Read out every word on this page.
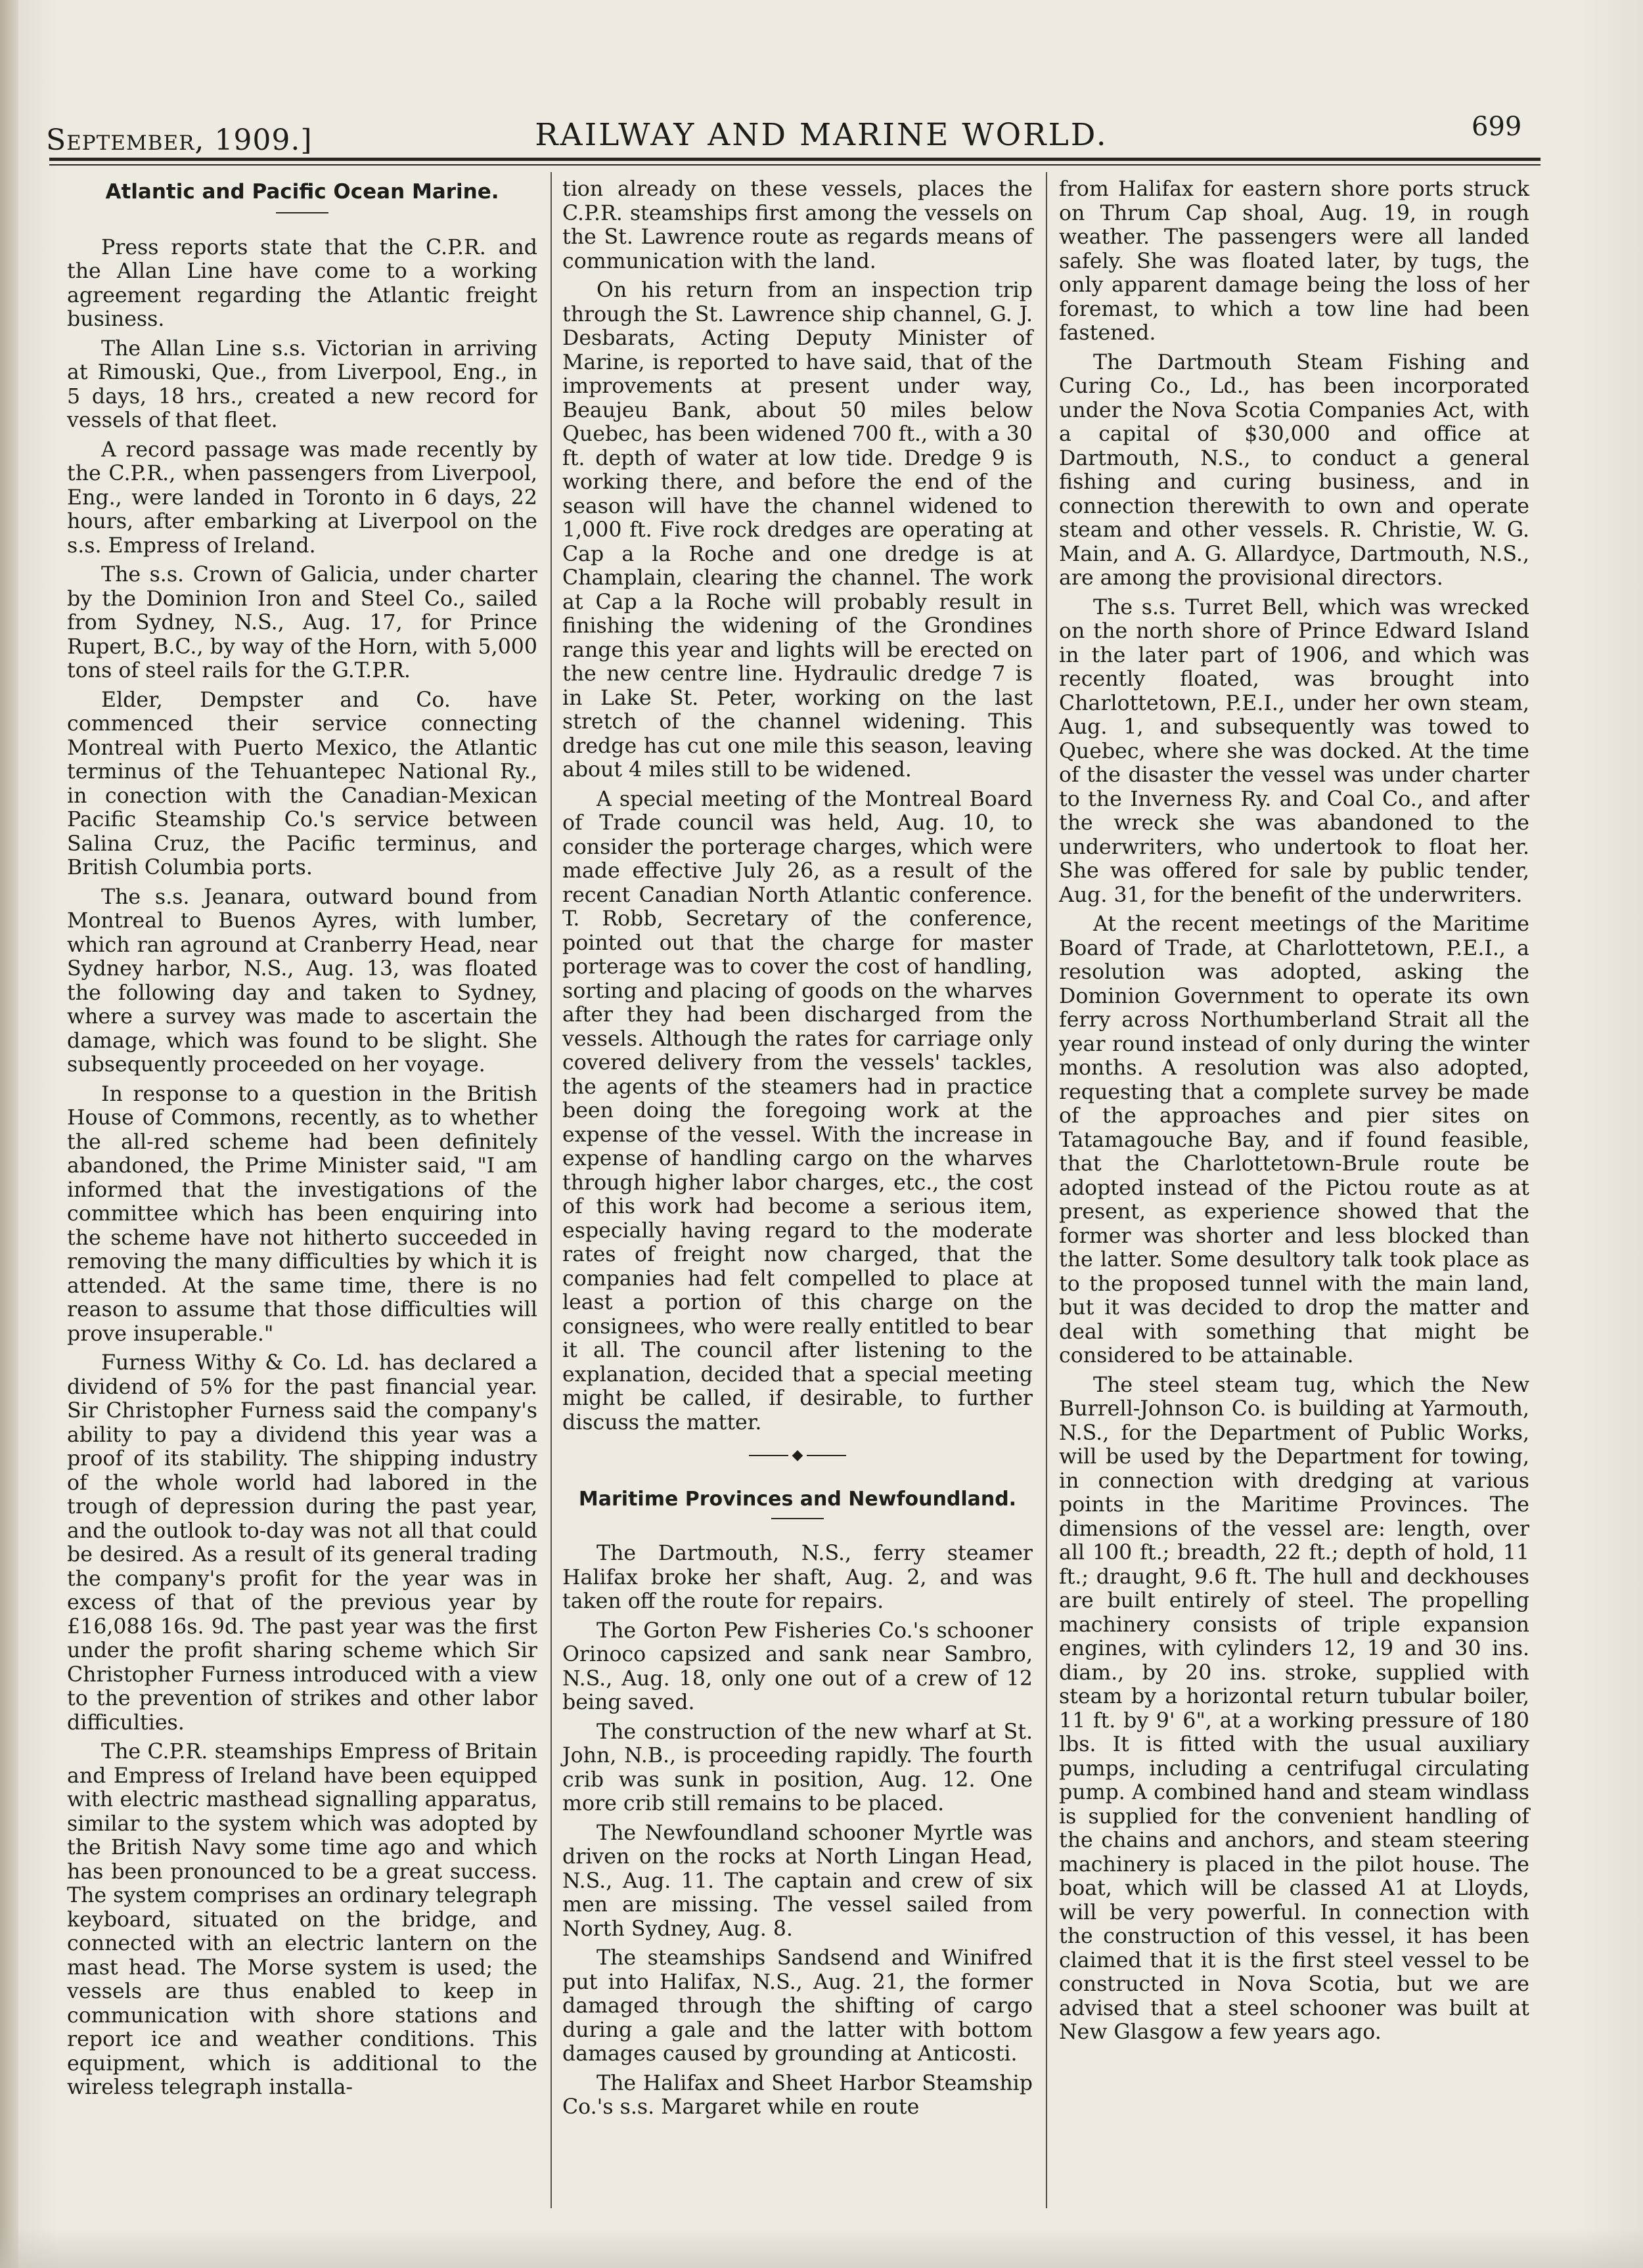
September, 1909.]	RAILWAY AND MARINE WORLD.	699
Atlantic and Pacific Ocean Marine.

Press reports state that the C.P.R. and the Allan Line have come to a working agreement regarding the Atlantic freight business.

The Allan Line s.s. Victorian in arriving at Rimouski, Que., from Liverpool, Eng., in 5 days, 18 hrs., created a new record for vessels of that fleet.

A record passage was made recently by the C.P.R., when passengers from Liverpool, Eng., were landed in Toronto in 6 days, 22 hours, after embarking at Liverpool on the s.s. Empress of Ireland.

The s.s. Crown of Galicia, under charter by the Dominion Iron and Steel Co., sailed from Sydney, N.S., Aug. 17, for Prince Rupert, B.C., by way of the Horn, with 5,000 tons of steel rails for the G.T.P.R.

Elder, Dempster and Co. have commenced their service connecting Montreal with Puerto Mexico, the Atlantic terminus of the Tehuantepec National Ry., in conection with the Canadian-Mexican Pacific Steamship Co.'s service between Salina Cruz, the Pacific terminus, and British Columbia ports.

The s.s. Jeanara, outward bound from Montreal to Buenos Ayres, with lumber, which ran aground at Cranberry Head, near Sydney harbor, N.S., Aug. 13, was floated the following day and taken to Sydney, where a survey was made to ascertain the damage, which was found to be slight. She subsequently proceeded on her voyage.

In response to a question in the British House of Commons, recently, as to whether the all-red scheme had been definitely abandoned, the Prime Minister said, "I am informed that the investigations of the committee which has been enquiring into the scheme have not hitherto succeeded in removing the many difficulties by which it is attended. At the same time, there is no reason to assume that those difficulties will prove insuperable."

Furness Withy & Co. Ld. has declared a dividend of 5% for the past financial year. Sir Christopher Furness said the company's ability to pay a dividend this year was a proof of its stability. The shipping industry of the whole world had labored in the trough of depression during the past year, and the outlook to-day was not all that could be desired. As a result of its general trading the company's profit for the year was in excess of that of the previous year by £16,088 16s. 9d. The past year was the first under the profit sharing scheme which Sir Christopher Furness introduced with a view to the prevention of strikes and other labor difficulties.

The C.P.R. steamships Empress of Britain and Empress of Ireland have been equipped with electric masthead signalling apparatus, similar to the system which was adopted by the British Navy some time ago and which has been pronounced to be a great success. The system comprises an ordinary telegraph keyboard, situated on the bridge, and connected with an electric lantern on the mast head. The Morse system is used; the vessels are thus enabled to keep in communication with shore stations and report ice and weather conditions. This equipment, which is additional to the wireless telegraph installa-

tion already on these vessels, places the C.P.R. steamships first among the vessels on the St. Lawrence route as regards means of communication with the land.

On his return from an inspection trip through the St. Lawrence ship channel, G. J. Desbarats, Acting Deputy Minister of Marine, is reported to have said, that of the improvements at present under way, Beaujeu Bank, about 50 miles below Quebec, has been widened 700 ft., with a 30 ft. depth of water at low tide. Dredge 9 is working there, and before the end of the season will have the channel widened to 1,000 ft. Five rock dredges are operating at Cap a la Roche and one dredge is at Champlain, clearing the channel. The work at Cap a la Roche will probably result in finishing the widening of the Grondines range this year and lights will be erected on the new centre line. Hydraulic dredge 7 is in Lake St. Peter, working on the last stretch of the channel widening. This dredge has cut one mile this season, leaving about 4 miles still to be widened.

A special meeting of the Montreal Board of Trade council was held, Aug. 10, to consider the porterage charges, which were made effective July 26, as a result of the recent Canadian North Atlantic conference. T. Robb, Secretary of the conference, pointed out that the charge for master porterage was to cover the cost of handling, sorting and placing of goods on the wharves after they had been discharged from the vessels. Although the rates for carriage only covered delivery from the vessels' tackles, the agents of the steamers had in practice been doing the foregoing work at the expense of the vessel. With the increase in expense of handling cargo on the wharves through higher labor charges, etc., the cost of this work had become a serious item, especially having regard to the moderate rates of freight now charged, that the companies had felt compelled to place at least a portion of this charge on the consignees, who were really entitled to bear it all. The council after listening to the explanation, decided that a special meeting might be called, if desirable, to further discuss the matter.

◆
Maritime Provinces and Newfoundland.

The Dartmouth, N.S., ferry steamer Halifax broke her shaft, Aug. 2, and was taken off the route for repairs.

The Gorton Pew Fisheries Co.'s schooner Orinoco capsized and sank near Sambro, N.S., Aug. 18, only one out of a crew of 12 being saved.

The construction of the new wharf at St. John, N.B., is proceeding rapidly. The fourth crib was sunk in position, Aug. 12. One more crib still remains to be placed.

The Newfoundland schooner Myrtle was driven on the rocks at North Lingan Head, N.S., Aug. 11. The captain and crew of six men are missing. The vessel sailed from North Sydney, Aug. 8.

The steamships Sandsend and Winifred put into Halifax, N.S., Aug. 21, the former damaged through the shifting of cargo during a gale and the latter with bottom damages caused by grounding at Anticosti.

The Halifax and Sheet Harbor Steamship Co.'s s.s. Margaret while en route

from Halifax for eastern shore ports struck on Thrum Cap shoal, Aug. 19, in rough weather. The passengers were all landed safely. She was floated later, by tugs, the only apparent damage being the loss of her foremast, to which a tow line had been fastened.

The Dartmouth Steam Fishing and Curing Co., Ld., has been incorporated under the Nova Scotia Companies Act, with a capital of $30,000 and office at Dartmouth, N.S., to conduct a general fishing and curing business, and in connection therewith to own and operate steam and other vessels. R. Christie, W. G. Main, and A. G. Allardyce, Dartmouth, N.S., are among the provisional directors.

The s.s. Turret Bell, which was wrecked on the north shore of Prince Edward Island in the later part of 1906, and which was recently floated, was brought into Charlottetown, P.E.I., under her own steam, Aug. 1, and subsequently was towed to Quebec, where she was docked. At the time of the disaster the vessel was under charter to the Inverness Ry. and Coal Co., and after the wreck she was abandoned to the underwriters, who undertook to float her. She was offered for sale by public tender, Aug. 31, for the benefit of the underwriters.

At the recent meetings of the Maritime Board of Trade, at Charlottetown, P.E.I., a resolution was adopted, asking the Dominion Government to operate its own ferry across Northumberland Strait all the year round instead of only during the winter months. A resolution was also adopted, requesting that a complete survey be made of the approaches and pier sites on Tatamagouche Bay, and if found feasible, that the Charlottetown-Brule route be adopted instead of the Pictou route as at present, as experience showed that the former was shorter and less blocked than the latter. Some desultory talk took place as to the proposed tunnel with the main land, but it was decided to drop the matter and deal with something that might be considered to be attainable.

The steel steam tug, which the New Burrell-Johnson Co. is building at Yarmouth, N.S., for the Department of Public Works, will be used by the Department for towing, in connection with dredging at various points in the Maritime Provinces. The dimensions of the vessel are: length, over all 100 ft.; breadth, 22 ft.; depth of hold, 11 ft.; draught, 9.6 ft. The hull and deckhouses are built entirely of steel. The propelling machinery consists of triple expansion engines, with cylinders 12, 19 and 30 ins. diam., by 20 ins. stroke, supplied with steam by a horizontal return tubular boiler, 11 ft. by 9' 6", at a working pressure of 180 lbs. It is fitted with the usual auxiliary pumps, including a centrifugal circulating pump. A combined hand and steam windlass is supplied for the convenient handling of the chains and anchors, and steam steering machinery is placed in the pilot house. The boat, which will be classed A1 at Lloyds, will be very powerful. In connection with the construction of this vessel, it has been claimed that it is the first steel vessel to be constructed in Nova Scotia, but we are advised that a steel schooner was built at New Glasgow a few years ago.
